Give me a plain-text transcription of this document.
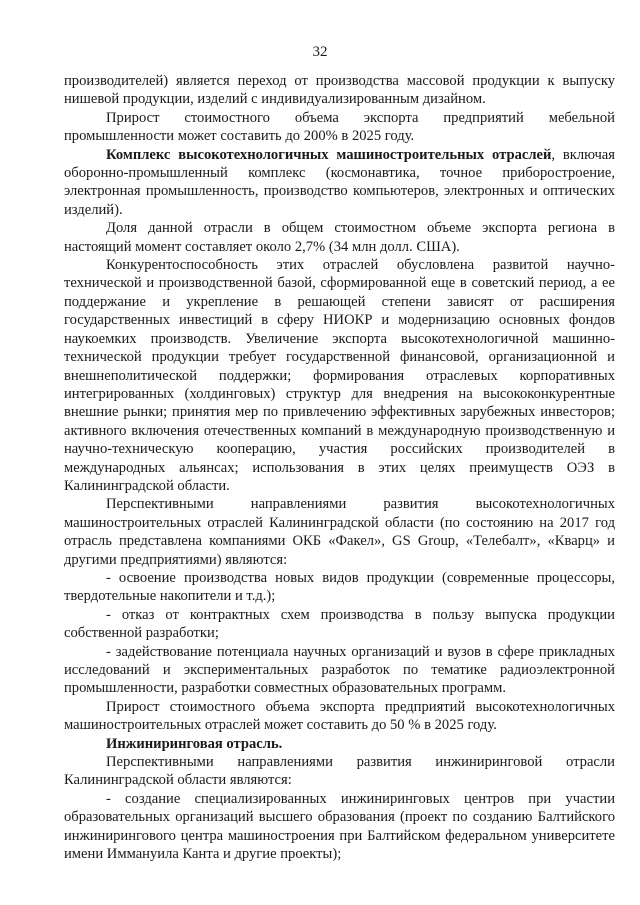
32

производителей) является переход от производства массовой продукции к выпуску нишевой продукции, изделий с индивидуализированным дизайном.

Прирост стоимостного объема экспорта предприятий мебельной промышленности может составить до 200% в 2025 году.

Комплекс высокотехнологичных машиностроительных отраслей, включая оборонно-промышленный комплекс (космонавтика, точное приборостроение, электронная промышленность, производство компьютеров, электронных и оптических изделий).

Доля данной отрасли в общем стоимостном объеме экспорта региона в настоящий момент составляет около 2,7% (34 млн долл. США).

Конкурентоспособность этих отраслей обусловлена развитой научно-технической и производственной базой, сформированной еще в советский период, а ее поддержание и укрепление в решающей степени зависят от расширения государственных инвестиций в сферу НИОКР и модернизацию основных фондов наукоемких производств. Увеличение экспорта высокотехнологичной машинно-технической продукции требует государственной финансовой, организационной и внешнеполитической поддержки; формирования отраслевых корпоративных интегрированных (холдинговых) структур для внедрения на высококонкурентные внешние рынки; принятия мер по привлечению эффективных зарубежных инвесторов; активного включения отечественных компаний в международную производственную и научно-техническую кооперацию, участия российских производителей в международных альянсах; использования в этих целях преимуществ ОЭЗ в Калининградской области.

Перспективными направлениями развития высокотехнологичных машиностроительных отраслей Калининградской области (по состоянию на 2017 год отрасль представлена компаниями ОКБ «Факел», GS Group, «Телебалт», «Кварц» и другими предприятиями) являются:

- освоение производства новых видов продукции (современные процессоры, твердотельные накопители и т.д.);

- отказ от контрактных схем производства в пользу выпуска продукции собственной разработки;

- задействование потенциала научных организаций и вузов в сфере прикладных исследований и экспериментальных разработок по тематике радиоэлектронной промышленности, разработки совместных образовательных программ.

Прирост стоимостного объема экспорта предприятий высокотехнологичных машиностроительных отраслей может составить до 50 % в 2025 году.

Инжиниринговая отрасль.

Перспективными направлениями развития инжиниринговой отрасли Калининградской области являются:

- создание специализированных инжиниринговых центров при участии образовательных организаций высшего образования (проект по созданию Балтийского инжинирингового центра машиностроения при Балтийском федеральном университете имени Иммануила Канта и другие проекты);
